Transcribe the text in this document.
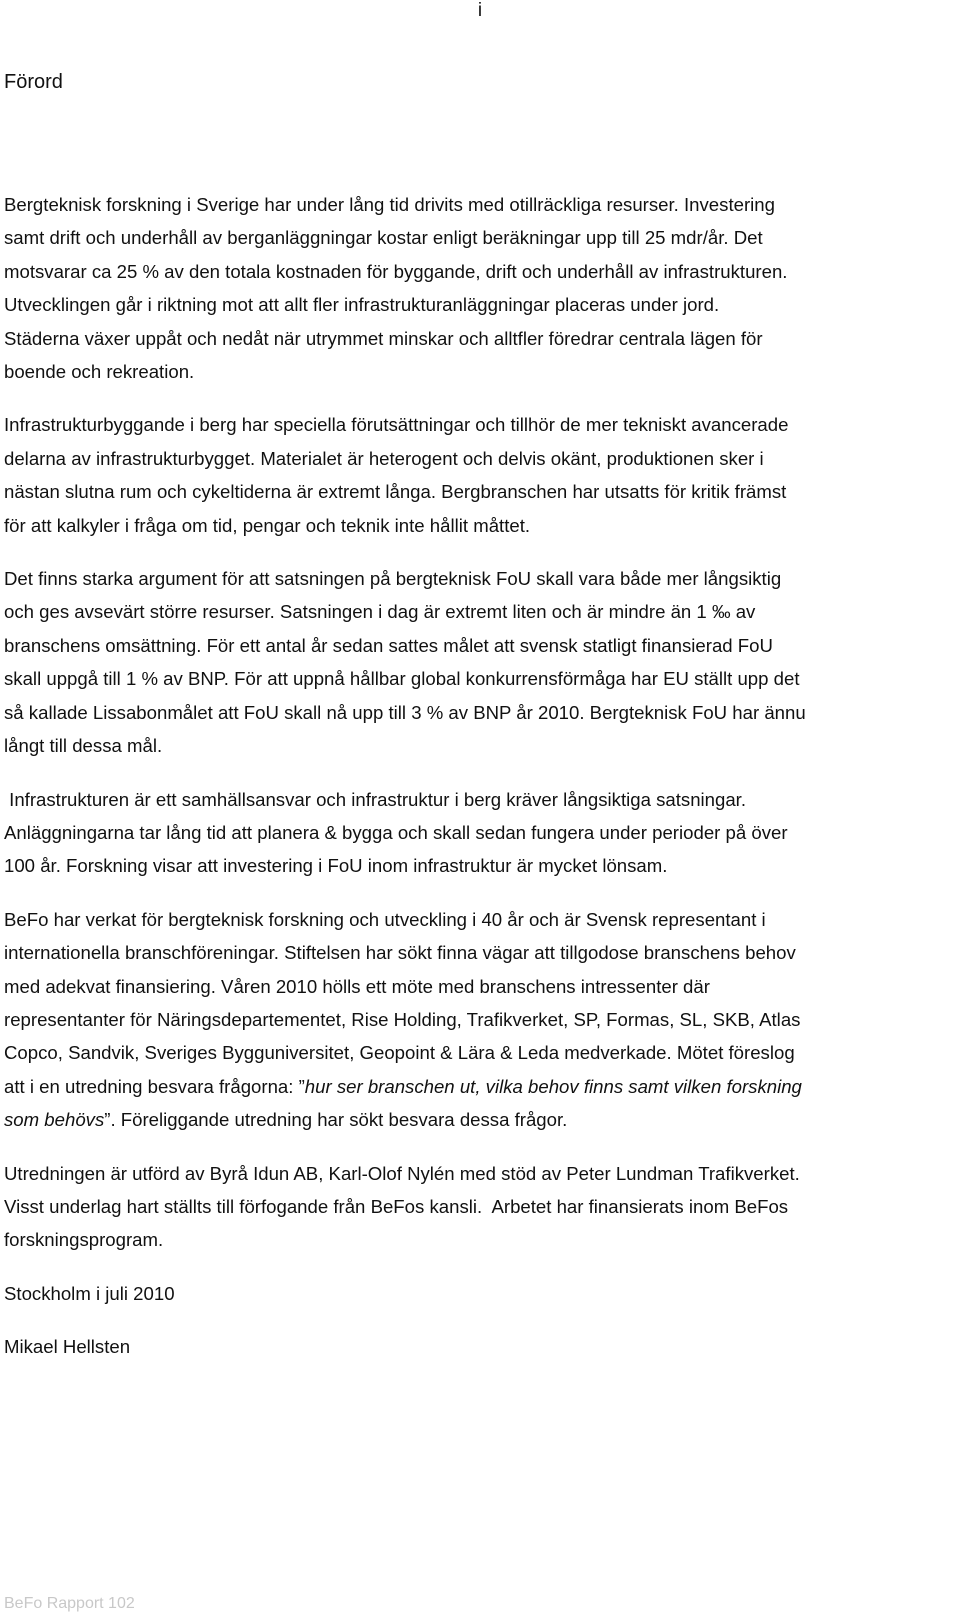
i
Förord

Bergteknisk forskning i Sverige har under lång tid drivits med otillräckliga resurser. Investering
samt drift och underhåll av berganläggningar kostar enligt beräkningar upp till 25 mdr/år. Det
motsvarar ca 25 % av den totala kostnaden för byggande, drift och underhåll av infrastrukturen.
Utvecklingen går i riktning mot att allt fler infrastrukturanläggningar placeras under jord.
Städerna växer uppåt och nedåt när utrymmet minskar och alltfler föredrar centrala lägen för
boende och rekreation.

Infrastrukturbyggande i berg har speciella förutsättningar och tillhör de mer tekniskt avancerade
delarna av infrastrukturbygget. Materialet är heterogent och delvis okänt, produktionen sker i
nästan slutna rum och cykeltiderna är extremt långa. Bergbranschen har utsatts för kritik främst
för att kalkyler i fråga om tid, pengar och teknik inte hållit måttet.

Det finns starka argument för att satsningen på bergteknisk FoU skall vara både mer långsiktig
och ges avsevärt större resurser. Satsningen i dag är extremt liten och är mindre än 1 ‰ av
branschens omsättning. För ett antal år sedan sattes målet att svensk statligt finansierad FoU
skall uppgå till 1 % av BNP. För att uppnå hållbar global konkurrensförmåga har EU ställt upp det
så kallade Lissabonmålet att FoU skall nå upp till 3 % av BNP år 2010. Bergteknisk FoU har ännu
långt till dessa mål.

Infrastrukturen är ett samhällsansvar och infrastruktur i berg kräver långsiktiga satsningar.
Anläggningarna tar lång tid att planera & bygga och skall sedan fungera under perioder på över
100 år. Forskning visar att investering i FoU inom infrastruktur är mycket lönsam.

BeFo har verkat för bergteknisk forskning och utveckling i 40 år och är Svensk representant i
internationella branschföreningar. Stiftelsen har sökt finna vägar att tillgodose branschens behov
med adekvat finansiering. Våren 2010 hölls ett möte med branschens intressenter där
representanter för Näringsdepartementet, Rise Holding, Trafikverket, SP, Formas, SL, SKB, Atlas
Copco, Sandvik, Sveriges Bygguniversitet, Geopoint & Lära & Leda medverkade. Mötet föreslog
att i en utredning besvara frågorna: ”hur ser branschen ut, vilka behov finns samt vilken forskning
som behövs”. Föreliggande utredning har sökt besvara dessa frågor.

Utredningen är utförd av Byrå Idun AB, Karl-Olof Nylén med stöd av Peter Lundman Trafikverket.
Visst underlag hart ställts till förfogande från BeFos kansli.  Arbetet har finansierats inom BeFos
forskningsprogram.

Stockholm i juli 2010

Mikael Hellsten

BeFo Rapport 102
